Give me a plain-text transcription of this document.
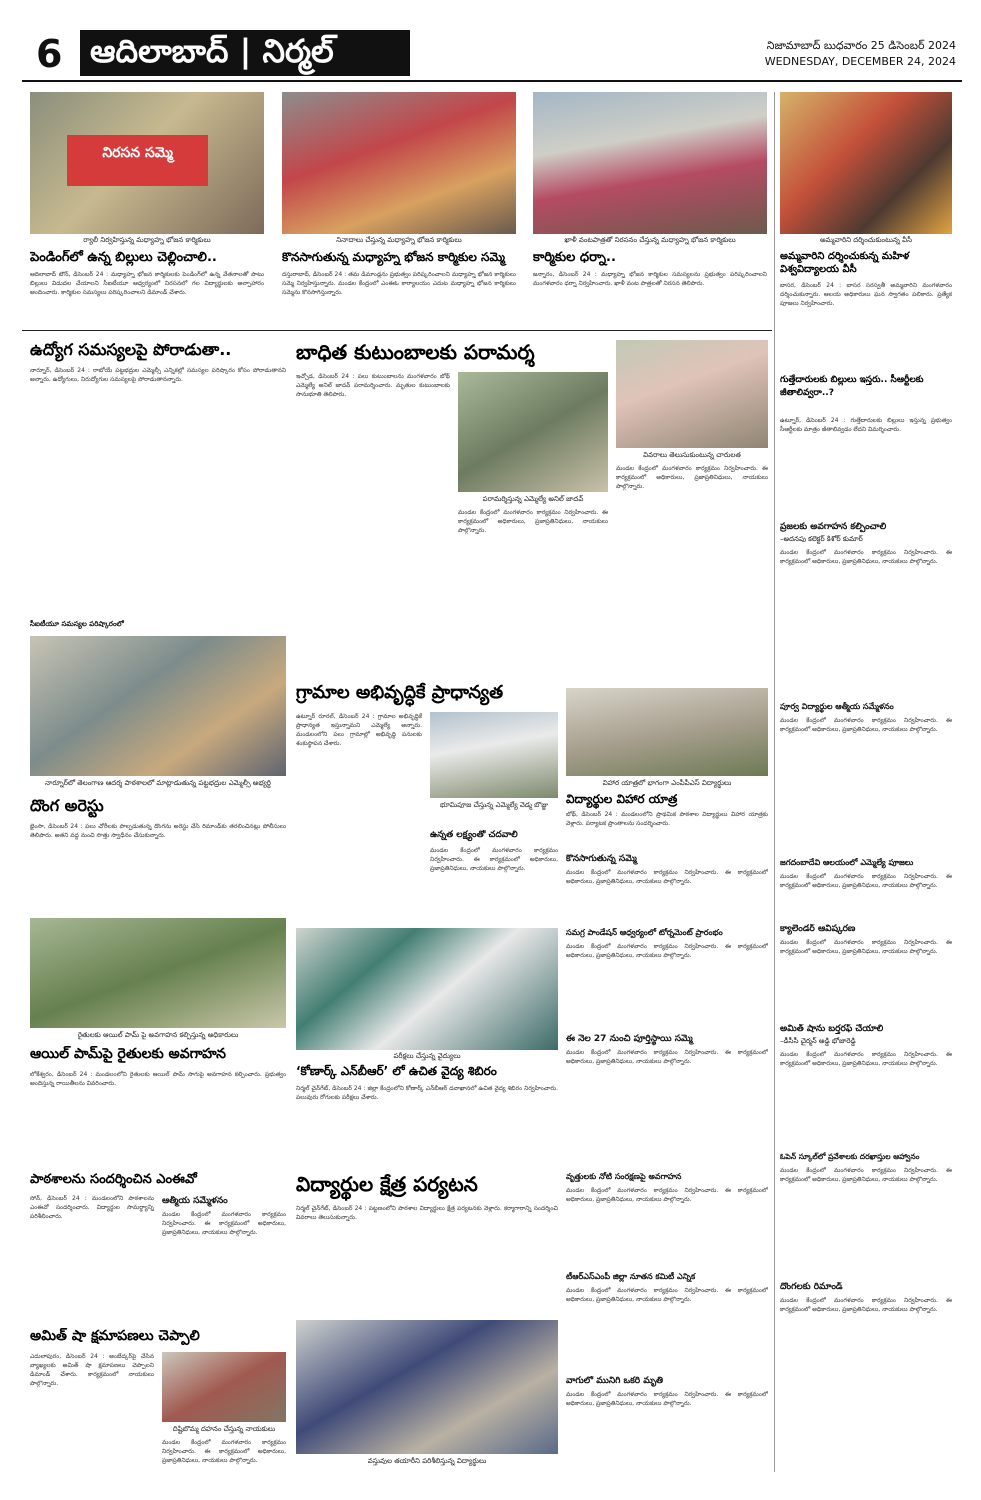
6 ఆదిలాబాద్ | నిర్మల్	నిజామాబాద్ బుధవారం 25 డిసెంబర్ 2024
WEDNESDAY, DECEMBER 24, 2024
నిరసన సమ్మె
ర్యాలీ నిర్వహిస్తున్న మధ్యాహ్న భోజన కార్మికులు	నినాదాలు చేస్తున్న మధ్యాహ్న భోజన కార్మికులు	ఖాళీ వంటపాత్రతో నిరసనం చేస్తున్న మధ్యాహ్న భోజన కార్మికులు	అమ్మవారిని దర్శించుకుంటున్న వీసీ
పెండింగ్‌లో ఉన్న బిల్లులు చెల్లించాలి..
ఆదిలాబాద్ టౌన్, డిసెంబర్ 24 : మధ్యాహ్న భోజన కార్మికులకు పెండింగ్‌లో ఉన్న వేతనాలతో పాటు బిల్లులు విడుదల చేయాలని సీఐటీయూ ఆధ్వర్యంలో నిరసనలో గల విద్యార్థులకు అల్పాహారం అందించారు. కార్మికుల సమస్యలు పరిష్కరించాలని డిమాండ్ చేశారు.
కొనసాగుతున్న మధ్యాహ్న భోజన కార్మికుల సమ్మె
దస్తురాబాద్, డిసెంబర్ 24 : తమ డిమాండ్లను ప్రభుత్వం పరిష్కరించాలని మధ్యాహ్న భోజన కార్మికులు సమ్మె నిర్వహిస్తున్నారు. మండల కేంద్రంలో ఎంఈఓ కార్యాలయం ఎదుట మధ్యాహ్న భోజన కార్మికులు సమ్మెను కొనసాగిస్తున్నారు.
కార్మికుల ధర్నా..
జన్నారం, డిసెంబర్ 24 : మధ్యాహ్న భోజన కార్మికుల సమస్యలను ప్రభుత్వం పరిష్కరించాలని మంగళవారం ధర్నా నిర్వహించారు. ఖాళీ వంట పాత్రలతో నిరసన తెలిపారు.
అమ్మవారిని దర్శించుకున్న మహిళ విశ్వవిద్యాలయ వీసీ
బాసర, డిసెంబర్ 24 : బాసర సరస్వతీ అమ్మవారిని మంగళవారం దర్శించుకున్నారు. ఆలయ అధికారులు ఘన స్వాగతం పలికారు. ప్రత్యేక పూజలు నిర్వహించారు.
ఉద్యోగ సమస్యలపై పోరాడుతా..
నార్నూర్, డిసెంబర్ 24 : రాబోయే పట్టభద్రుల ఎమ్మెల్సీ ఎన్నికల్లో సమస్యల పరిష్కారం కోసం పోరాడుతానని అన్నారు. ఉద్యోగులు, నిరుద్యోగుల సమస్యలపై పోరాడుతానన్నారు.
సీఐటీయూ సమస్యల పరిష్కారంలో
నార్నూర్‌లో తెలంగాణ ఆదర్శ పాఠశాలలో మాట్లాడుతున్న పట్టభద్రుల ఎమ్మెల్సీ అభ్యర్థి
దొంగ అరెస్టు
భైంసా, డిసెంబర్ 24 : పలు చోరీలకు పాల్పడుతున్న దొంగను అరెస్టు చేసి రిమాండ్‌కు తరలించినట్లు పోలీసులు తెలిపారు. అతని వద్ద నుంచి సొత్తు స్వాధీనం చేసుకున్నారు.
బాధిత కుటుంబాలకు పరామర్శ
ఇచ్చోడ, డిసెంబర్ 24 : పలు కుటుంబాలను మంగళవారం బోథ్ ఎమ్మెల్యే అనిల్ జాదవ్ పరామర్శించారు. మృతుల కుటుంబాలకు సానుభూతి తెలిపారు.
పరామర్శిస్తున్న ఎమ్మెల్యే అనిల్ జాదవ్
మండల కేంద్రంలో మంగళవారం కార్యక్రమం నిర్వహించారు. ఈ కార్యక్రమంలో అధికారులు, ప్రజాప్రతినిధులు, నాయకులు పాల్గొన్నారు.
వివరాలు తెలుసుకుంటున్న చారులత
మండల కేంద్రంలో మంగళవారం కార్యక్రమం నిర్వహించారు. ఈ కార్యక్రమంలో అధికారులు, ప్రజాప్రతినిధులు, నాయకులు పాల్గొన్నారు.
గ్రామాల అభివృద్ధికే ప్రాధాన్యత
ఉట్నూర్ రూరల్, డిసెంబర్ 24 : గ్రామాల అభివృద్ధికే ప్రాధాన్యత ఇస్తున్నామని ఎమ్మెల్యే అన్నారు. మండలంలోని పలు గ్రామాల్లో అభివృద్ధి పనులకు శంకుస్థాపన చేశారు.
భూమిపూజ చేస్తున్న ఎమ్మెల్యే వెడ్మ బొజ్జు
ఉన్నత లక్ష్యంతో చదవాలి
మండల కేంద్రంలో మంగళవారం కార్యక్రమం నిర్వహించారు. ఈ కార్యక్రమంలో అధికారులు, ప్రజాప్రతినిధులు, నాయకులు పాల్గొన్నారు.
విహార యాత్రలో భాగంగా ఎంపీపీఎస్ విద్యార్థులు
విద్యార్థుల విహార యాత్ర
బోథ్, డిసెంబర్ 24 : మండలంలోని ప్రాథమిక పాఠశాల విద్యార్థులు విహార యాత్రకు వెళ్లారు. పర్యాటక ప్రాంతాలను సందర్శించారు.
కొనసాగుతున్న సమ్మె
మండల కేంద్రంలో మంగళవారం కార్యక్రమం నిర్వహించారు. ఈ కార్యక్రమంలో అధికారులు, ప్రజాప్రతినిధులు, నాయకులు పాల్గొన్నారు.
సమగ్ర పాండేషన్ ఆధ్వర్యంలో టోర్నమెంట్ ప్రారంభం
మండల కేంద్రంలో మంగళవారం కార్యక్రమం నిర్వహించారు. ఈ కార్యక్రమంలో అధికారులు, ప్రజాప్రతినిధులు, నాయకులు పాల్గొన్నారు.
పరీక్షలు చేస్తున్న వైద్యులు
‘కోణార్క్ ఎన్‌బీఆర్’ లో ఉచిత వైద్య శిబిరం
నిర్మల్ చైన్‌గేట్, డిసెంబర్ 24 : జిల్లా కేంద్రంలోని కోణార్క్ ఎన్‌బీఆర్ దవాఖానలో ఉచిత వైద్య శిబిరం నిర్వహించారు. పలువురు రోగులకు పరీక్షలు చేశారు.
ఈ నెల 27 నుంచి పూర్తిస్థాయి సమ్మె
మండల కేంద్రంలో మంగళవారం కార్యక్రమం నిర్వహించారు. ఈ కార్యక్రమంలో అధికారులు, ప్రజాప్రతినిధులు, నాయకులు పాల్గొన్నారు.
రైతులకు ఆయిల్ పామ్ పై అవగాహన కల్పిస్తున్న అధికారులు
ఆయిల్ పామ్‌పై రైతులకు అవగాహన
లోకేశ్వరం, డిసెంబర్ 24 : మండలంలోని రైతులకు ఆయిల్ పామ్ సాగుపై అవగాహన కల్పించారు. ప్రభుత్వం అందిస్తున్న రాయితీలను వివరించారు.
పాఠశాలను సందర్శించిన ఎంఈవో
సోన్, డిసెంబర్ 24 : మండలంలోని పాఠశాలను ఎంఈవో సందర్శించారు. విద్యార్థుల సామర్థ్యాన్ని పరిశీలించారు.
ఆత్మీయ సమ్మేళనం
మండల కేంద్రంలో మంగళవారం కార్యక్రమం నిర్వహించారు. ఈ కార్యక్రమంలో అధికారులు, ప్రజాప్రతినిధులు, నాయకులు పాల్గొన్నారు.
అమిత్ షా క్షమాపణలు చెప్పాలి
ఎదులాపురం, డిసెంబర్ 24 : అంబేద్కర్‌పై చేసిన వ్యాఖ్యలకు అమిత్ షా క్షమాపణలు చెప్పాలని డిమాండ్ చేశారు. కార్యక్రమంలో నాయకులు పాల్గొన్నారు.
దిష్టిబొమ్మ దహనం చేస్తున్న నాయకులు
మండల కేంద్రంలో మంగళవారం కార్యక్రమం నిర్వహించారు. ఈ కార్యక్రమంలో అధికారులు, ప్రజాప్రతినిధులు, నాయకులు పాల్గొన్నారు.
విద్యార్థుల క్షేత్ర పర్యటన
నిర్మల్ చైన్‌గేట్, డిసెంబర్ 24 : పట్టణంలోని పాఠశాల విద్యార్థులు క్షేత్ర పర్యటనకు వెళ్లారు. కర్మాగారాన్ని సందర్శించి వివరాలు తెలుసుకున్నారు.
వస్తువుల తయారీని పరిశీలిస్తున్న విద్యార్థులు
వృత్తులకు నోటి సంరక్షణపై అవగాహన
మండల కేంద్రంలో మంగళవారం కార్యక్రమం నిర్వహించారు. ఈ కార్యక్రమంలో అధికారులు, ప్రజాప్రతినిధులు, నాయకులు పాల్గొన్నారు.
టీఆర్ఎస్ఎంపీ జిల్లా నూతన కమిటీ ఎన్నిక
మండల కేంద్రంలో మంగళవారం కార్యక్రమం నిర్వహించారు. ఈ కార్యక్రమంలో అధికారులు, ప్రజాప్రతినిధులు, నాయకులు పాల్గొన్నారు.
వాగులో మునిగి ఒకరి మృతి
మండల కేంద్రంలో మంగళవారం కార్యక్రమం నిర్వహించారు. ఈ కార్యక్రమంలో అధికారులు, ప్రజాప్రతినిధులు, నాయకులు పాల్గొన్నారు.
గుత్తేదారులకు బిల్లులు ఇస్తరు.. సీఆర్టీలకు జీతాలివ్వరా..?
ఉట్నూర్, డిసెంబర్ 24 : గుత్తేదారులకు బిల్లులు ఇస్తున్న ప్రభుత్వం సీఆర్టీలకు మాత్రం జీతాలివ్వడం లేదని విమర్శించారు.
ప్రజలకు అవగాహన కల్పించాలి
–అదనపు కలెక్టర్ కిశోర్ కుమార్
మండల కేంద్రంలో మంగళవారం కార్యక్రమం నిర్వహించారు. ఈ కార్యక్రమంలో అధికారులు, ప్రజాప్రతినిధులు, నాయకులు పాల్గొన్నారు.
పూర్వ విద్యార్థుల ఆత్మీయ సమ్మేళనం
మండల కేంద్రంలో మంగళవారం కార్యక్రమం నిర్వహించారు. ఈ కార్యక్రమంలో అధికారులు, ప్రజాప్రతినిధులు, నాయకులు పాల్గొన్నారు.
జగదంబాదేవి ఆలయంలో ఎమ్మెల్యే పూజలు
మండల కేంద్రంలో మంగళవారం కార్యక్రమం నిర్వహించారు. ఈ కార్యక్రమంలో అధికారులు, ప్రజాప్రతినిధులు, నాయకులు పాల్గొన్నారు.
క్యాలెండర్ ఆవిష్కరణ
మండల కేంద్రంలో మంగళవారం కార్యక్రమం నిర్వహించారు. ఈ కార్యక్రమంలో అధికారులు, ప్రజాప్రతినిధులు, నాయకులు పాల్గొన్నారు.
అమిత్ షాను బర్తరఫ్ చేయాలి
–డీసీసీ చైర్మన్ అడ్డి భోజారెడ్డి
మండల కేంద్రంలో మంగళవారం కార్యక్రమం నిర్వహించారు. ఈ కార్యక్రమంలో అధికారులు, ప్రజాప్రతినిధులు, నాయకులు పాల్గొన్నారు.
ఓపెన్ స్కూల్‌లో ప్రవేశాలకు దరఖాస్తుల ఆహ్వానం
మండల కేంద్రంలో మంగళవారం కార్యక్రమం నిర్వహించారు. ఈ కార్యక్రమంలో అధికారులు, ప్రజాప్రతినిధులు, నాయకులు పాల్గొన్నారు.
దొంగలకు రిమాండ్
మండల కేంద్రంలో మంగళవారం కార్యక్రమం నిర్వహించారు. ఈ కార్యక్రమంలో అధికారులు, ప్రజాప్రతినిధులు, నాయకులు పాల్గొన్నారు.
